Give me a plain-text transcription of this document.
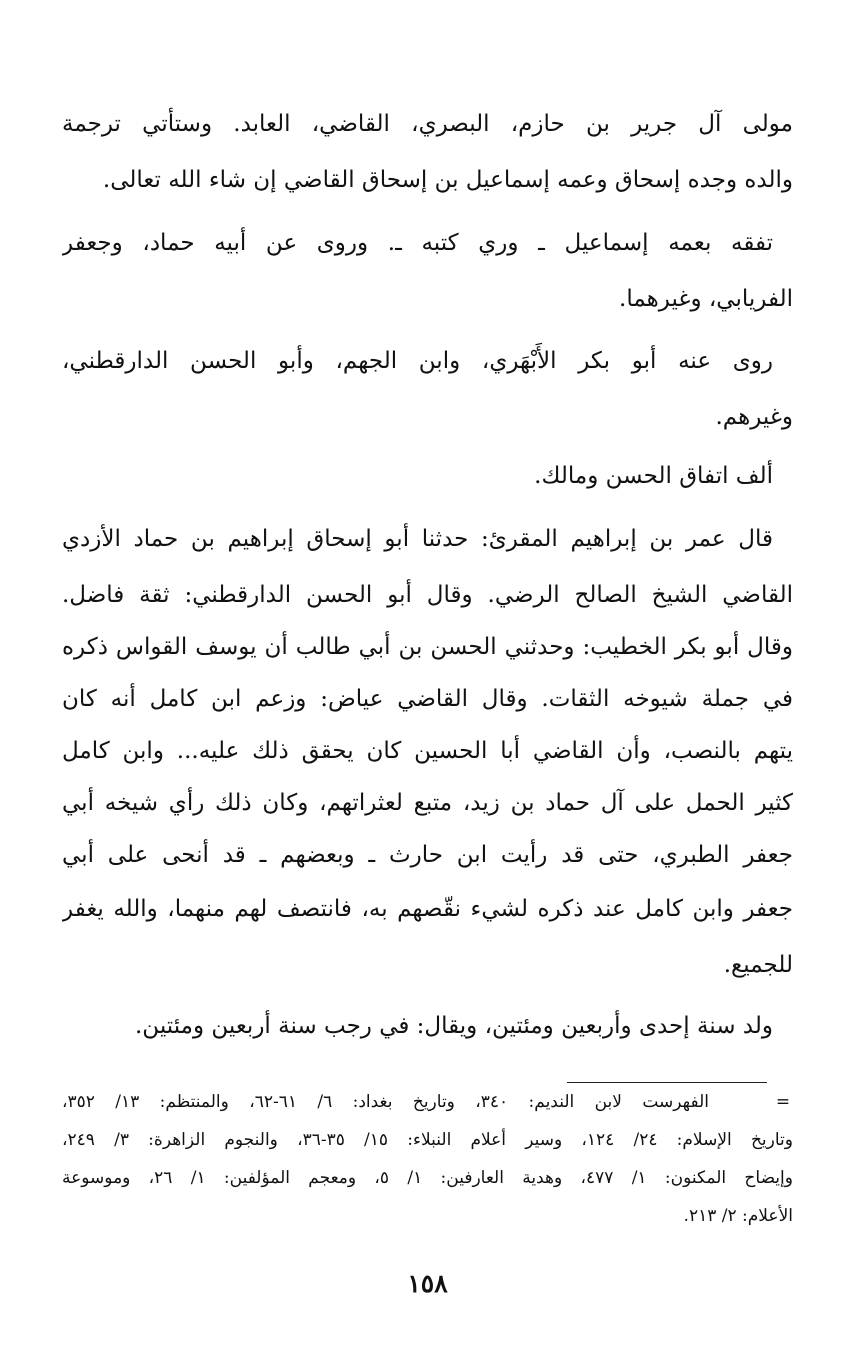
مولى آل جرير بن حازم، البصري، القاضي، العابد. وستأتي ترجمة
والده وجده إسحاق وعمه إسماعيل بن إسحاق القاضي إن شاء الله تعالى.
تفقه بعمه إسماعيل ـ وري كتبه ـ. وروى عن أبيه حماد، وجعفر
الفريابي، وغيرهما.
روى عنه أبو بكر الأَبْهَري، وابن الجهم، وأبو الحسن الدارقطني،
وغيرهم.
ألف اتفاق الحسن ومالك.
قال عمر بن إبراهيم المقرئ: حدثنا أبو إسحاق إبراهيم بن حماد الأزدي
القاضي الشيخ الصالح الرضي. وقال أبو الحسن الدارقطني: ثقة فاضل.
وقال أبو بكر الخطيب: وحدثني الحسن بن أبي طالب أن يوسف القواس ذكره
في جملة شيوخه الثقات. وقال القاضي عياض: وزعم ابن كامل أنه كان
يتهم بالنصب، وأن القاضي أبا الحسين كان يحقق ذلك عليه... وابن كامل
كثير الحمل على آل حماد بن زيد، متبع لعثراتهم، وكان ذلك رأي شيخه أبي
جعفر الطبري، حتى قد رأيت ابن حارث ـ وبعضهم ـ قد أنحى على أبي
جعفر وابن كامل عند ذكره لشيء نقّصهم به، فانتصف لهم منهما، والله يغفر
للجميع.
ولد سنة إحدى وأربعين ومئتين، ويقال: في رجب سنة أربعين ومئتين.
=
الفهرست لابن النديم: ٣٤٠، وتاريخ بغداد: ٦/ ٦١-٦٢، والمنتظم: ١٣/ ٣٥٢،
وتاريخ الإسلام: ٢٤/ ١٢٤، وسير أعلام النبلاء: ١٥/ ٣٥-٣٦، والنجوم الزاهرة: ٣/ ٢٤٩،
وإيضاح المكنون: ١/ ٤٧٧، وهدية العارفين: ١/ ٥، ومعجم المؤلفين: ١/ ٢٦، وموسوعة
الأعلام: ٢/ ٢١٣.
١٥٨
